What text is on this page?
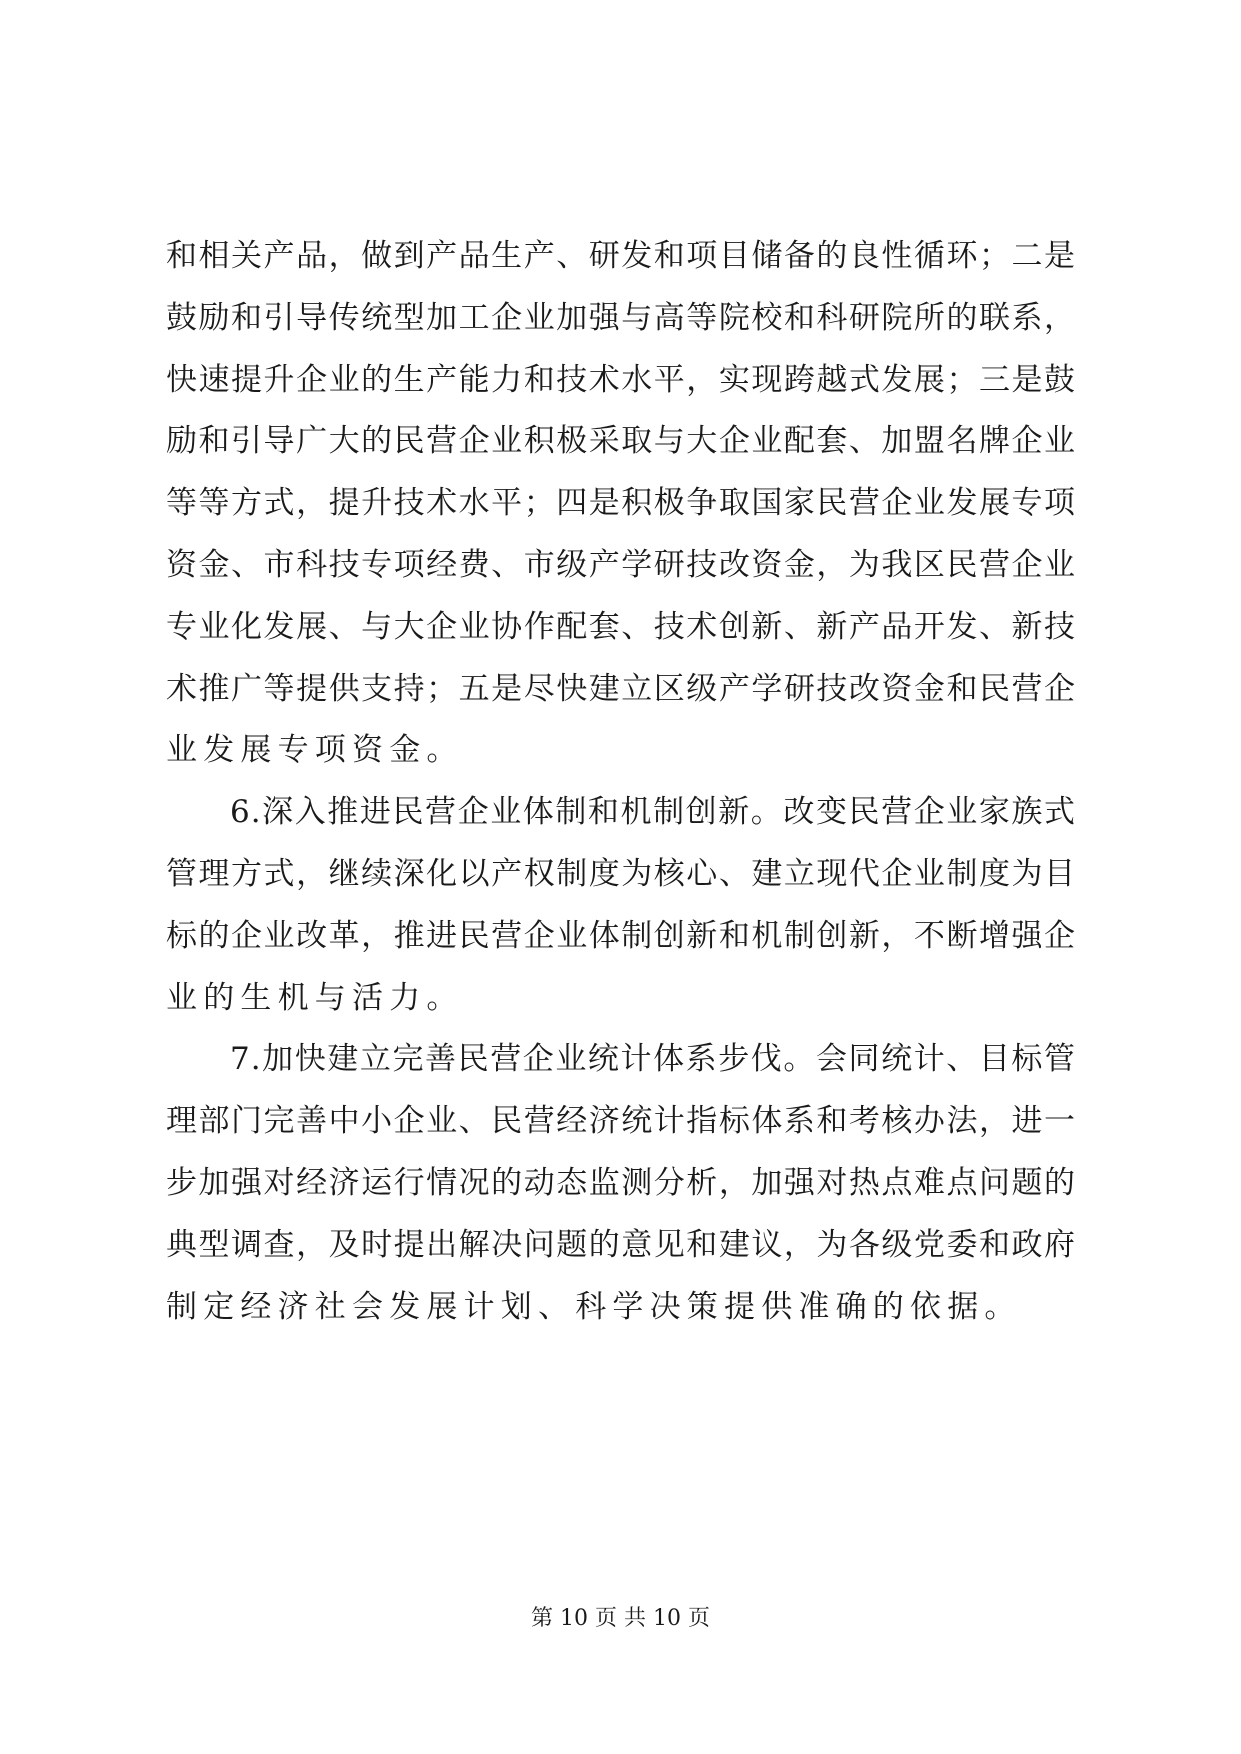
和相关产品，做到产品生产、研发和项目储备的良性循环；二是
鼓励和引导传统型加工企业加强与高等院校和科研院所的联系，
快速提升企业的生产能力和技术水平，实现跨越式发展；三是鼓
励和引导广大的民营企业积极采取与大企业配套、加盟名牌企业
等等方式，提升技术水平；四是积极争取国家民营企业发展专项
资金、市科技专项经费、市级产学研技改资金，为我区民营企业
专业化发展、与大企业协作配套、技术创新、新产品开发、新技
术推广等提供支持；五是尽快建立区级产学研技改资金和民营企
业发展专项资金。
6.深入推进民营企业体制和机制创新。改变民营企业家族式
管理方式，继续深化以产权制度为核心、建立现代企业制度为目
标的企业改革，推进民营企业体制创新和机制创新，不断增强企
业的生机与活力。
7.加快建立完善民营企业统计体系步伐。会同统计、目标管
理部门完善中小企业、民营经济统计指标体系和考核办法，进一
步加强对经济运行情况的动态监测分析，加强对热点难点问题的
典型调查，及时提出解决问题的意见和建议，为各级党委和政府
制定经济社会发展计划、科学决策提供准确的依据。
第 10 页 共 10 页
